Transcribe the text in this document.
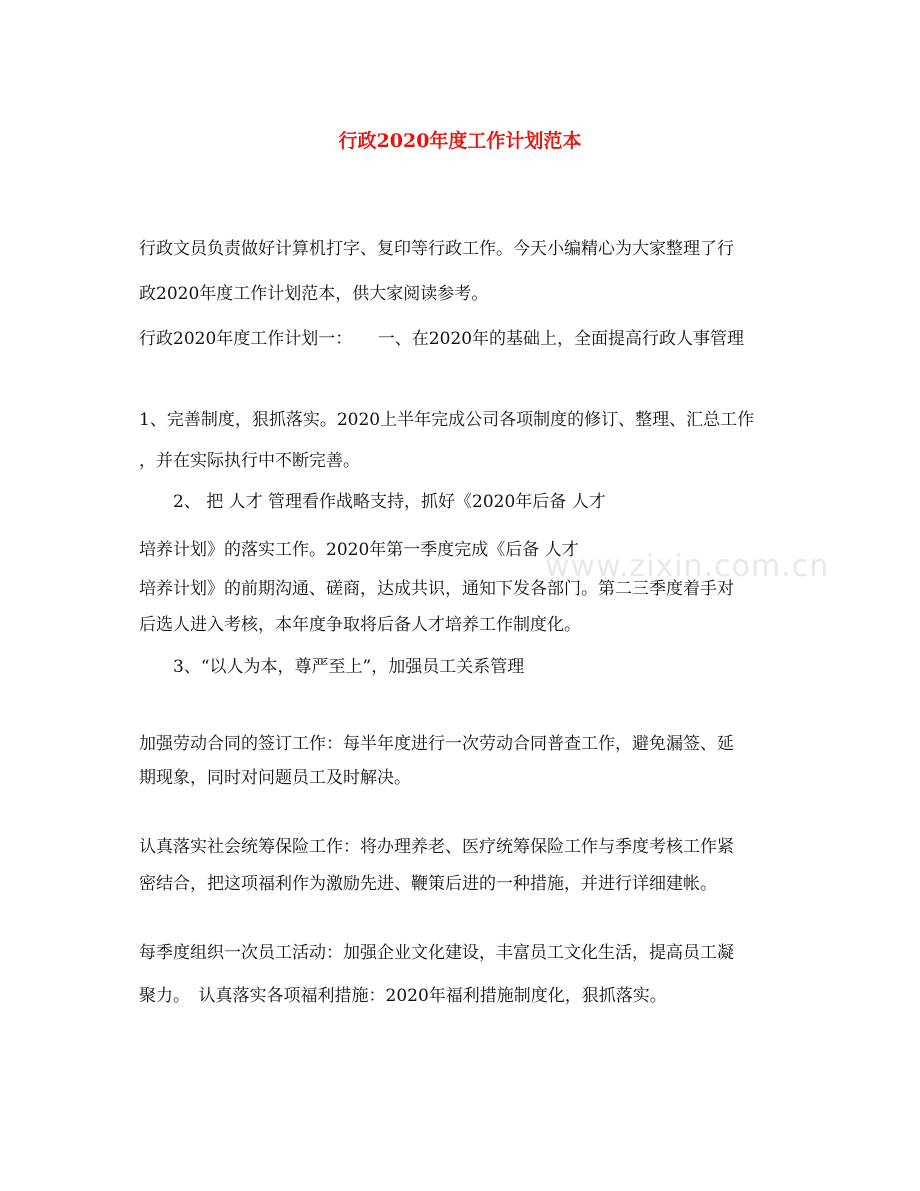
行政2020年度工作计划范本
www.zixin.com.cn

行政文员负责做好计算机打字、复印等行政工作。今天小编精心为大家整理了行

政2020年度工作计划范本，供大家阅读参考。

行政2020年度工作计划一：　　一、在2020年的基础上，全面提高行政人事管理

1、完善制度，狠抓落实。2020上半年完成公司各项制度的修订、整理、汇总工作

，并在实际执行中不断完善。

2、 把 人才 管理看作战略支持，抓好《2020年后备 人才

培养计划》的落实工作。2020年第一季度完成《后备 人才

培养计划》的前期沟通、磋商，达成共识，通知下发各部门。第二三季度着手对

后选人进入考核，本年度争取将后备人才培养工作制度化。

3、“以人为本，尊严至上”，加强员工关系管理

加强劳动合同的签订工作：每半年度进行一次劳动合同普查工作，避免漏签、延

期现象，同时对问题员工及时解决。

认真落实社会统筹保险工作：将办理养老、医疗统筹保险工作与季度考核工作紧

密结合，把这项福利作为激励先进、鞭策后进的一种措施，并进行详细建帐。

每季度组织一次员工活动：加强企业文化建设，丰富员工文化生活，提高员工凝

聚力。　认真落实各项福利措施：2020年福利措施制度化，狠抓落实。
